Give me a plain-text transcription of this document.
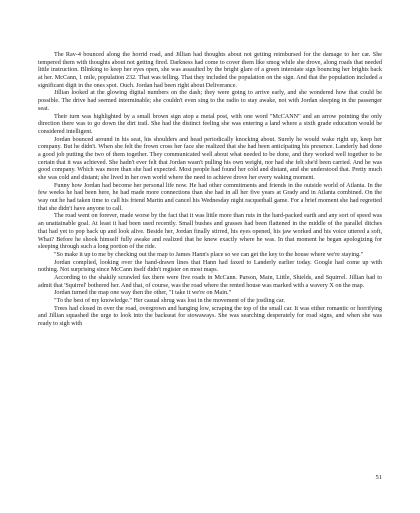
The Rav-4 bounced along the horrid road, and Jillian had thoughts about not getting reimbursed for the damage to her car. She tempered them with thoughts about not getting fired. Darkness had come to cover them like smog while she drove, along roads that needed little instruction. Blinking to keep her eyes open, she was assaulted by the bright glare of a green interstate sign bouncing her brights back at her. McCann, 1 mile, population 232. That was telling. That they included the population on the sign. And that the population included a significant digit in the ones spot. Ouch. Jordan had been right about Deliverance.

Jillian looked at the glowing digital numbers on the dash; they were going to arrive early, and she wondered how that could be possible. The drive had seemed interminable; she couldn't even sing to the radio to stay awake, not with Jordan sleeping in the passenger seat.

Their turn was highlighted by a small brown sign atop a metal post, with one word "McCANN" and an arrow pointing the only direction there was to go down the dirt trail. She had the distinct feeling she was entering a land where a sixth grade education would be considered intelligent.

Jordan bounced around in his seat, his shoulders and head periodically knocking about. Surely he would wake right up, keep her company. But he didn't. When she felt the frown cross her face she realized that she had been anticipating his presence. Landerly had done a good job putting the two of them together. They communicated well about what needed to be done, and they worked well together to be certain that it was achieved. She hadn't ever felt that Jordan wasn't pulling his own weight, nor had she felt she'd been carried. And he was good company. Which was more than she had expected. Most people had found her cold and distant, and she understood that. Pretty much she was cold and distant; she lived in her own world where the need to achieve drove her every waking moment.

Funny how Jordan had become her personal life now. He had other commitments and friends in the outside world of Atlanta. In the few weeks he had been here, he had made more connections than she had in all her five years at Grady and in Atlanta combined. On the way out he had taken time to call his friend Martin and cancel his Wednesday night racquetball game. For a brief moment she had regretted that she didn't have anyone to call.

The road went on forever, made worse by the fact that it was little more than ruts in the hard-packed earth and any sort of speed was an unattainable goal. At least it had been used recently. Small bushes and grasses had been flattened in the middle of the parallel ditches that had yet to pop back up and look alive. Beside her, Jordan finally stirred, his eyes opened, his jaw worked and his voice uttered a soft, What? Before he shook himself fully awake and realized that he knew exactly where he was. In that moment he began apologizing for sleeping through such a long portion of the ride.

"So make it up to me by checking out the map to James Hann's place so we can get the key to the house where we're staying."

Jordan complied, looking over the hand-drawn lines that Hann had faxed to Landerly earlier today. Google had come up with nothing. Not surprising since McCann itself didn't register on most maps.

According to the shakily scrawled fax there were five roads in McCann. Parson, Main, Little, Shields, and Squirrel. Jillian had to admit that 'Squirrel' bothered her. And that, of course, was the road where the rented house was marked with a wavery X on the map.

Jordan turned the map one way then the other, "I take it we're on Main."

"To the best of my knowledge." Her casual shrug was lost in the movement of the jostling car.

Trees had closed in over the road, overgrown and hanging low, scraping the top of the small car. It was either romantic or horrifying and Jillian squashed the urge to look into the backseat for stowaways. She was searching desperately for road signs, and when she was ready to sigh with

51
